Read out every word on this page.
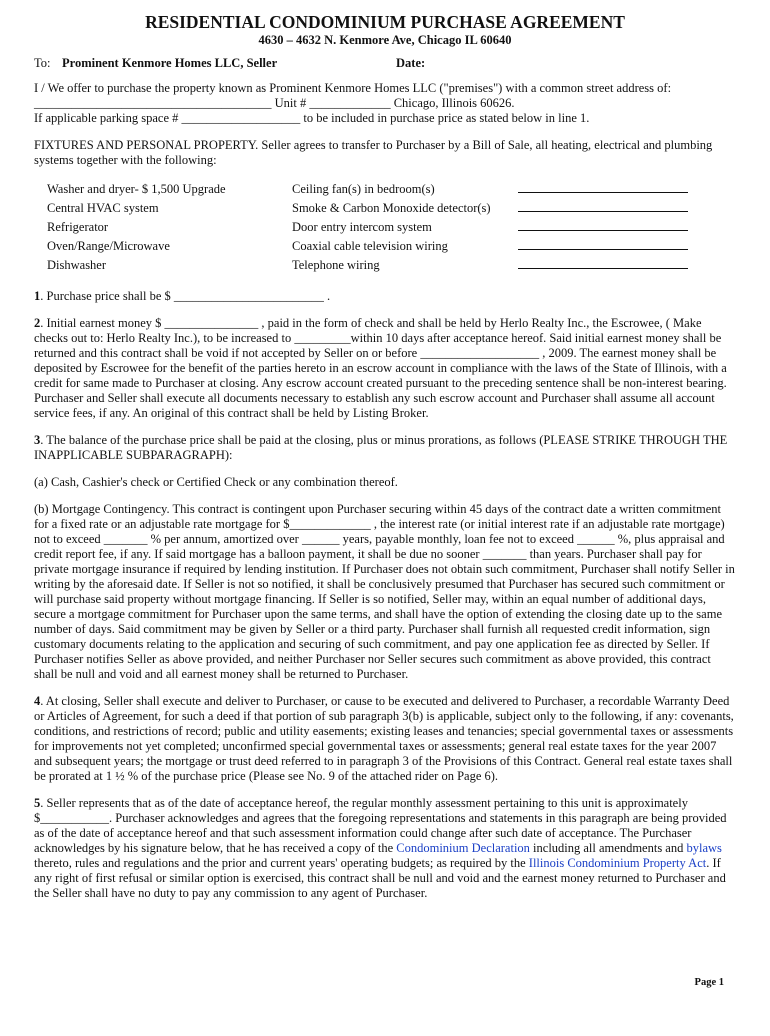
RESIDENTIAL CONDOMINIUM PURCHASE AGREEMENT
4630 – 4632 N. Kenmore Ave, Chicago IL 60640
To: Prominent Kenmore Homes LLC, Seller	Date:

I / We offer to purchase the property known as Prominent Kenmore Homes LLC ("premises") with a common street address of:

______________________________________ Unit # _____________ Chicago, Illinois 60626.

If applicable parking space # ___________________ to be included in purchase price as stated below in line 1.

FIXTURES AND PERSONAL PROPERTY. Seller agrees to transfer to Purchaser by a Bill of Sale, all heating, electrical and plumbing systems together with the following:

Washer and dryer- $ 1,500 Upgrade
Central HVAC system
Refrigerator
Oven/Range/Microwave
Dishwasher
Ceiling fan(s) in bedroom(s)
Smoke & Carbon Monoxide detector(s)
Door entry intercom system
Coaxial cable television wiring
Telephone wiring

1. Purchase price shall be $ ________________________ .

2. Initial earnest money $ _______________ , paid in the form of check and shall be held by Herlo Realty Inc., the Escrowee, ( Make checks out to: Herlo Realty Inc.), to be increased to _________within 10 days after acceptance hereof. Said initial earnest money shall be returned and this contract shall be void if not accepted by Seller on or before ___________________ , 2009. The earnest money shall be deposited by Escrowee for the benefit of the parties hereto in an escrow account in compliance with the laws of the State of Illinois, with a credit for same made to Purchaser at closing. Any escrow account created pursuant to the preceding sentence shall be non-interest bearing. Purchaser and Seller shall execute all documents necessary to establish any such escrow account and Purchaser shall assume all account service fees, if any. An original of this contract shall be held by Listing Broker.

3. The balance of the purchase price shall be paid at the closing, plus or minus prorations, as follows (PLEASE STRIKE THROUGH THE INAPPLICABLE SUBPARAGRAPH):

(a) Cash, Cashier's check or Certified Check or any combination thereof.

(b) Mortgage Contingency. This contract is contingent upon Purchaser securing within 45 days of the contract date a written commitment for a fixed rate or an adjustable rate mortgage for $_____________ , the interest rate (or initial interest rate if an adjustable rate mortgage) not to exceed _______ % per annum, amortized over ______ years, payable monthly, loan fee not to exceed ______ %, plus appraisal and credit report fee, if any. If said mortgage has a balloon payment, it shall be due no sooner _______ than years. Purchaser shall pay for private mortgage insurance if required by lending institution. If Purchaser does not obtain such commitment, Purchaser shall notify Seller in writing by the aforesaid date. If Seller is not so notified, it shall be conclusively presumed that Purchaser has secured such commitment or will purchase said property without mortgage financing. If Seller is so notified, Seller may, within an equal number of additional days, secure a mortgage commitment for Purchaser upon the same terms, and shall have the option of extending the closing date up to the same number of days. Said commitment may be given by Seller or a third party. Purchaser shall furnish all requested credit information, sign customary documents relating to the application and securing of such commitment, and pay one application fee as directed by Seller. If Purchaser notifies Seller as above provided, and neither Purchaser nor Seller secures such commitment as above provided, this contract shall be null and void and all earnest money shall be returned to Purchaser.

4. At closing, Seller shall execute and deliver to Purchaser, or cause to be executed and delivered to Purchaser, a recordable Warranty Deed or Articles of Agreement, for such a deed if that portion of sub paragraph 3(b) is applicable, subject only to the following, if any: covenants, conditions, and restrictions of record; public and utility easements; existing leases and tenancies; special governmental taxes or assessments for improvements not yet completed; unconfirmed special governmental taxes or assessments; general real estate taxes for the year 2007 and subsequent years; the mortgage or trust deed referred to in paragraph 3 of the Provisions of this Contract. General real estate taxes shall be prorated at 1 ½ % of the purchase price (Please see No. 9 of the attached rider on Page 6).

5. Seller represents that as of the date of acceptance hereof, the regular monthly assessment pertaining to this unit is approximately $___________. Purchaser acknowledges and agrees that the foregoing representations and statements in this paragraph are being provided as of the date of acceptance hereof and that such assessment information could change after such date of acceptance. The Purchaser acknowledges by his signature below, that he has received a copy of the Condominium Declaration including all amendments and bylaws thereto, rules and regulations and the prior and current years' operating budgets; as required by the Illinois Condominium Property Act. If any right of first refusal or similar option is exercised, this contract shall be null and void and the earnest money returned to Purchaser and the Seller shall have no duty to pay any commission to any agent of Purchaser.

Page 1
